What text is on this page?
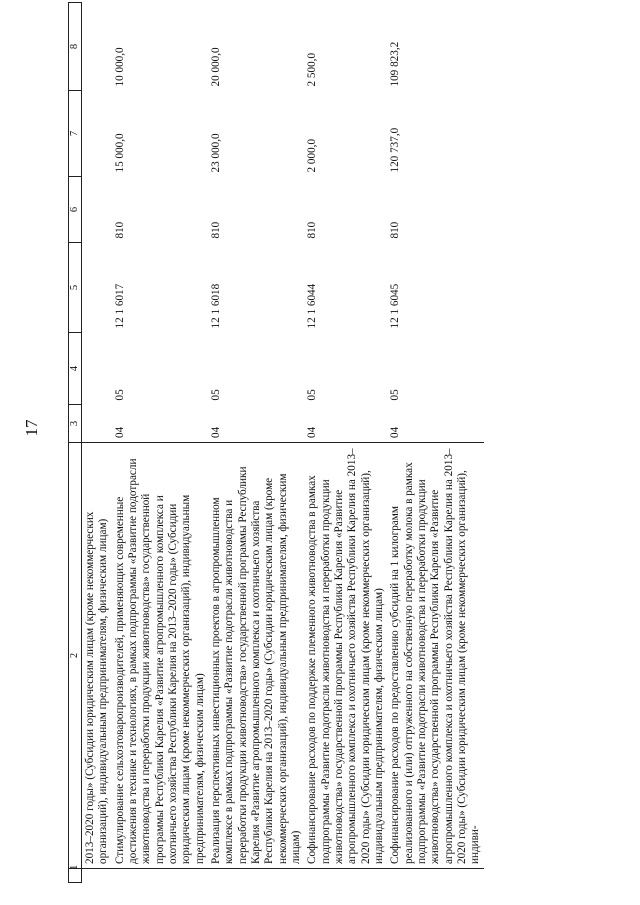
17
1	2	3	4	5	6	7	8
	2013–2020 годы» (Субсидии юридическим лицам (кроме некоммерческих организаций), индивидуальным предпринимателям, физическим лицам)						
	Стимулирование сельхозтоваропроизводителей, применяющих современные достижения в технике и технологиях, в рамках подпрограммы «Развитие подотрасли животноводства и переработки продукции животноводства» государственной программы Республики Карелия «Развитие агропромышленного комплекса и охотничьего хозяйства Республики Карелия на 2013–2020 годы» (Субсидии юридическим лицам (кроме некоммерческих организаций), индивидуальным предпринимателям, физическим лицам)	04	05	12 1 6017	810	15 000,0	10 000,0
	Реализация перспективных инвестиционных проектов в агропромышленном комплексе в рамках подпрограммы «Развитие подотрасли животноводства и переработки продукции животноводства» государственной программы Республики Карелия «Развитие агропромышленного комплекса и охотничьего хозяйства Республики Карелия на 2013–2020 годы» (Субсидии юридическим лицам (кроме некоммерческих организаций), индивидуальным предпринимателям, физическим лицам)	04	05	12 1 6018	810	23 000,0	20 000,0
	Софинансирование расходов по поддержке племенного животноводства в рамках подпрограммы «Развитие подотрасли животноводства и переработки продукции животноводства» государственной программы Республики Карелия «Развитие агропромышленного комплекса и охотничьего хозяйства Республики Карелия на 2013–2020 годы» (Субсидии юридическим лицам (кроме некоммерческих организаций), индивидуальным предпринимателям, физическим лицам)	04	05	12 1 6044	810	2 000,0	2 500,0
	Софинансирование расходов по предоставлению субсидий на 1 килограмм реализованного и (или) отгруженного на собственную переработку молока в рамках подпрограммы «Развитие подотрасли животноводства и переработки продукции животноводства» государственной программы Республики Карелия «Развитие агропромышленного комплекса и охотничьего хозяйства Республики Карелия на 2013–2020 годы» (Субсидии юридическим лицам (кроме некоммерческих организаций), индиви-	04	05	12 1 6045	810	120 737,0	109 823,2
